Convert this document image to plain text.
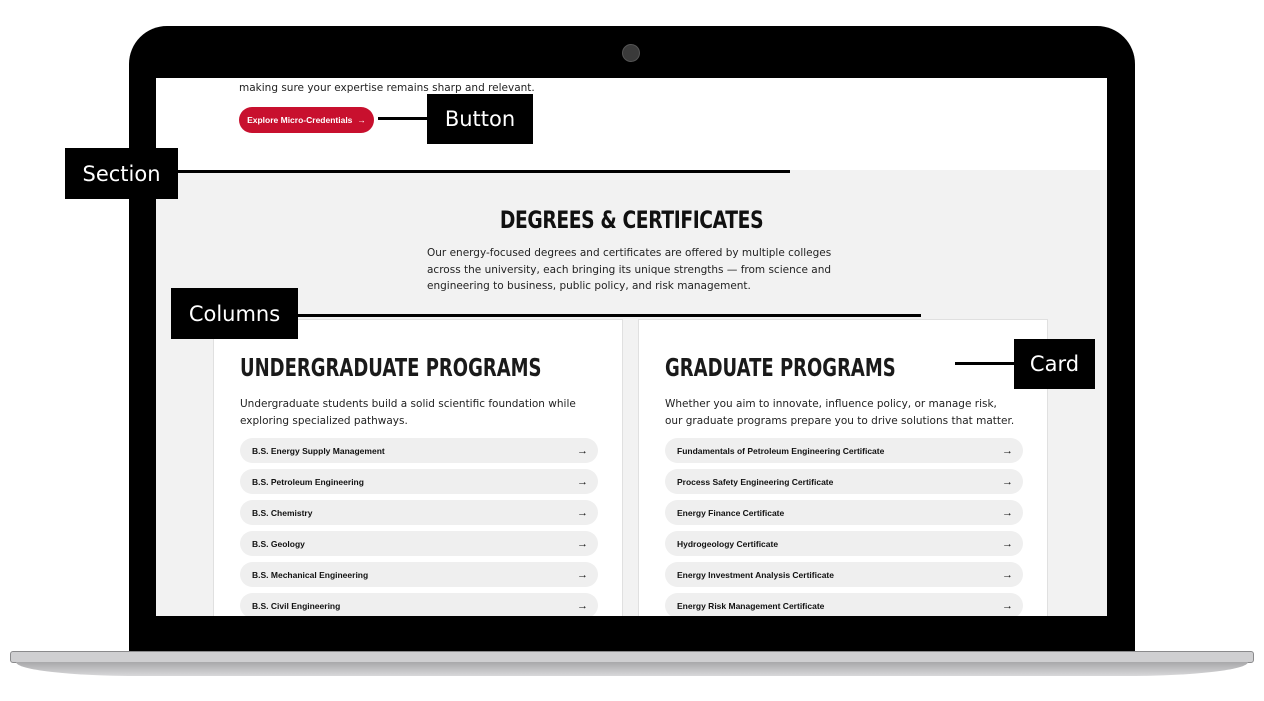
making sure your expertise remains sharp and relevant.
Explore Micro-Credentials →
DEGREES & CERTIFICATES
Our energy-focused degrees and certificates are offered by multiple colleges across the university, each bringing its unique strengths — from science and engineering to business, public policy, and risk management.
UNDERGRADUATE PROGRAMS
Undergraduate students build a solid scientific foundation while exploring specialized pathways.
B.S. Energy Supply Management	→
B.S. Petroleum Engineering	→
B.S. Chemistry	→
B.S. Geology	→
B.S. Mechanical Engineering	→
B.S. Civil Engineering	→
GRADUATE PROGRAMS
Whether you aim to innovate, influence policy, or manage risk, our graduate programs prepare you to drive solutions that matter.
Fundamentals of Petroleum Engineering Certificate	→
Process Safety Engineering Certificate	→
Energy Finance Certificate	→
Hydrogeology Certificate	→
Energy Investment Analysis Certificate	→
Energy Risk Management Certificate	→
Button
Section
Columns
Card
